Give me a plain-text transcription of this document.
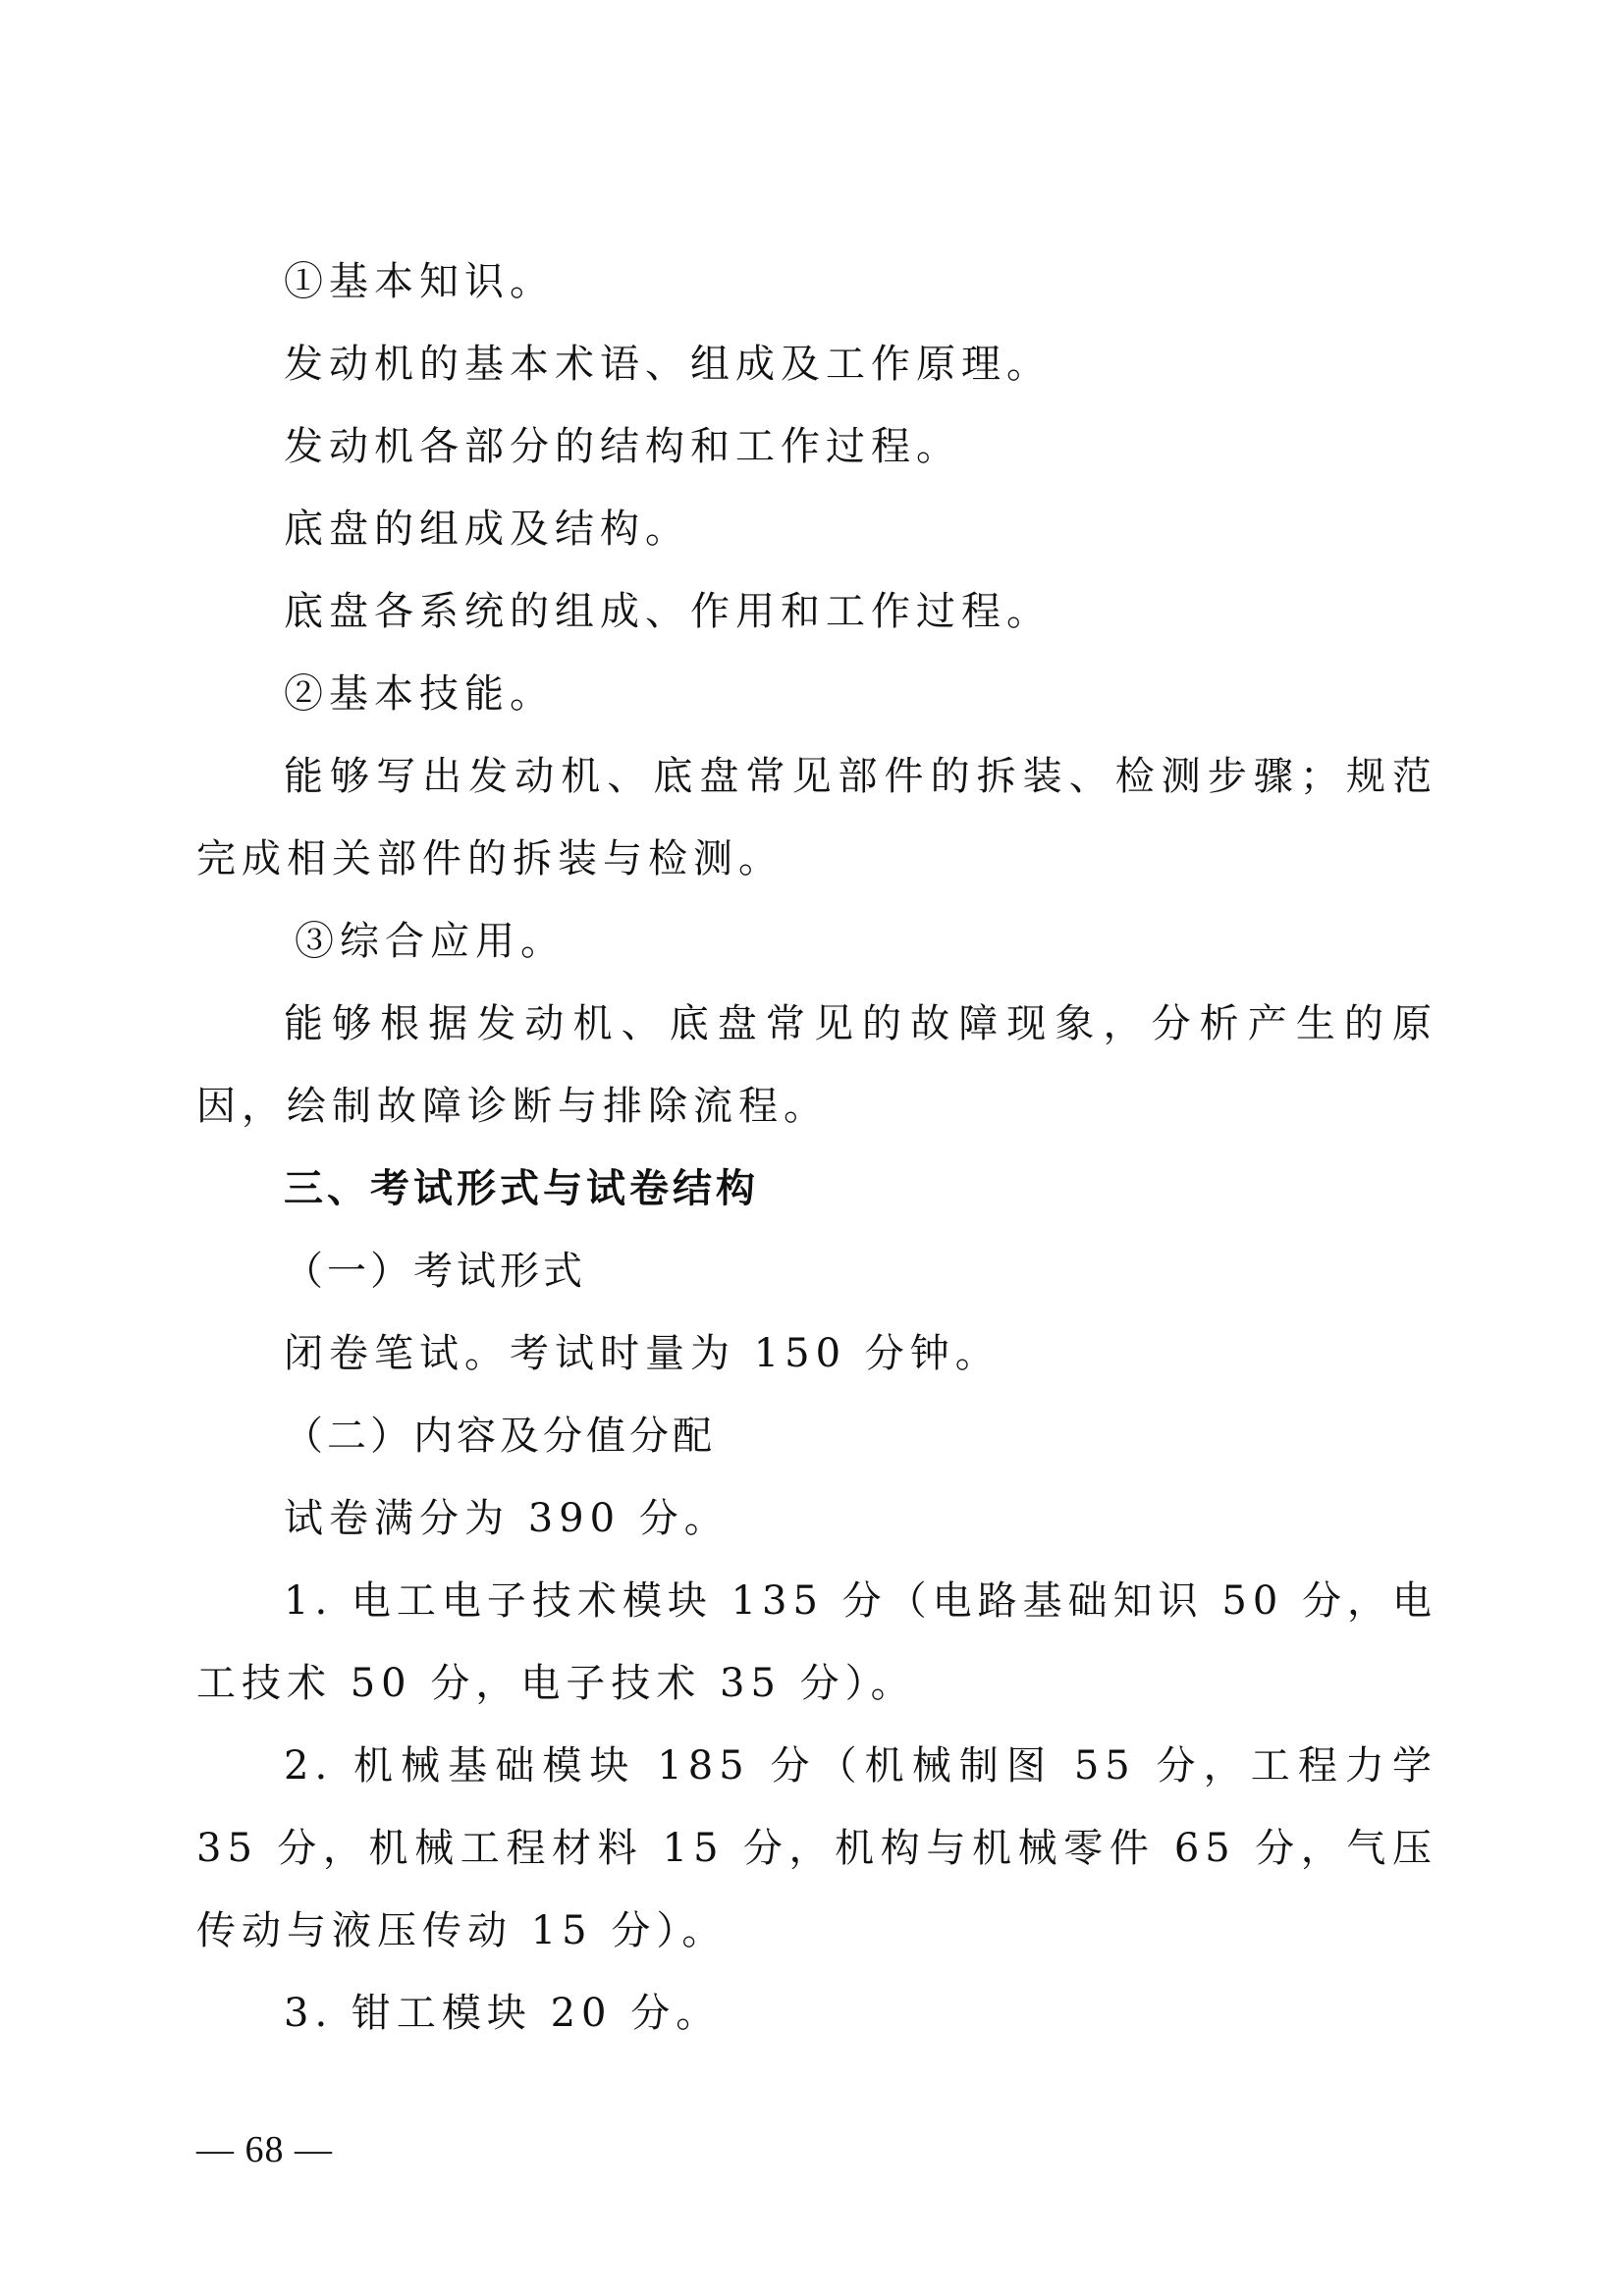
①基本知识。

发动机的基本术语、组成及工作原理。

发动机各部分的结构和工作过程。

底盘的组成及结构。

底盘各系统的组成、作用和工作过程。

②基本技能。

能够写出发动机、底盘常见部件的拆装、检测步骤；规范完成相关部件的拆装与检测。

③综合应用。

能够根据发动机、底盘常见的故障现象，分析产生的原因，绘制故障诊断与排除流程。

三、考试形式与试卷结构

（一）考试形式

闭卷笔试。考试时量为 150 分钟。

（二）内容及分值分配

试卷满分为 390 分。

1. 电工电子技术模块 135 分（电路基础知识 50 分，电工技术 50 分，电子技术 35 分）。

2. 机械基础模块 185 分（机械制图 55 分，工程力学 35 分，机械工程材料 15 分，机构与机械零件 65 分，气压传动与液压传动 15 分）。

3. 钳工模块 20 分。

— 68 —
